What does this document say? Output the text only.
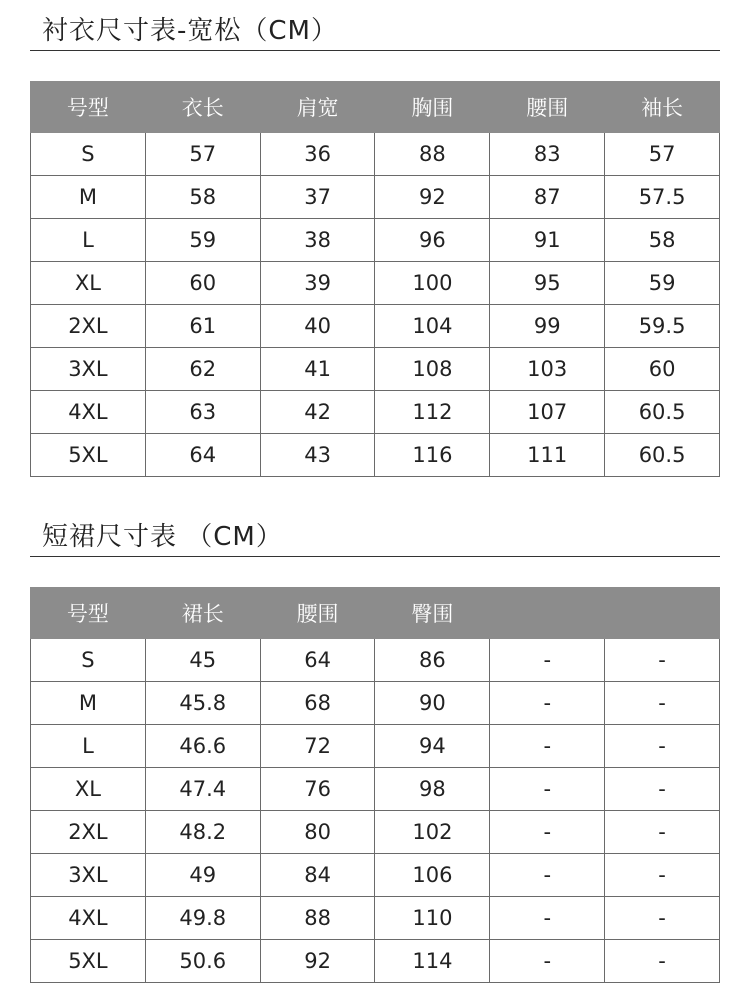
衬衣尺寸表-宽松（CM）
号型	衣长	肩宽	胸围	腰围	袖长
S	57	36	88	83	57
M	58	37	92	87	57.5
L	59	38	96	91	58
XL	60	39	100	95	59
2XL	61	40	104	99	59.5
3XL	62	41	108	103	60
4XL	63	42	112	107	60.5
5XL	64	43	116	111	60.5
短裙尺寸表 （CM）
号型	裙长	腰围	臀围		
S	45	64	86	-	-
M	45.8	68	90	-	-
L	46.6	72	94	-	-
XL	47.4	76	98	-	-
2XL	48.2	80	102	-	-
3XL	49	84	106	-	-
4XL	49.8	88	110	-	-
5XL	50.6	92	114	-	-
